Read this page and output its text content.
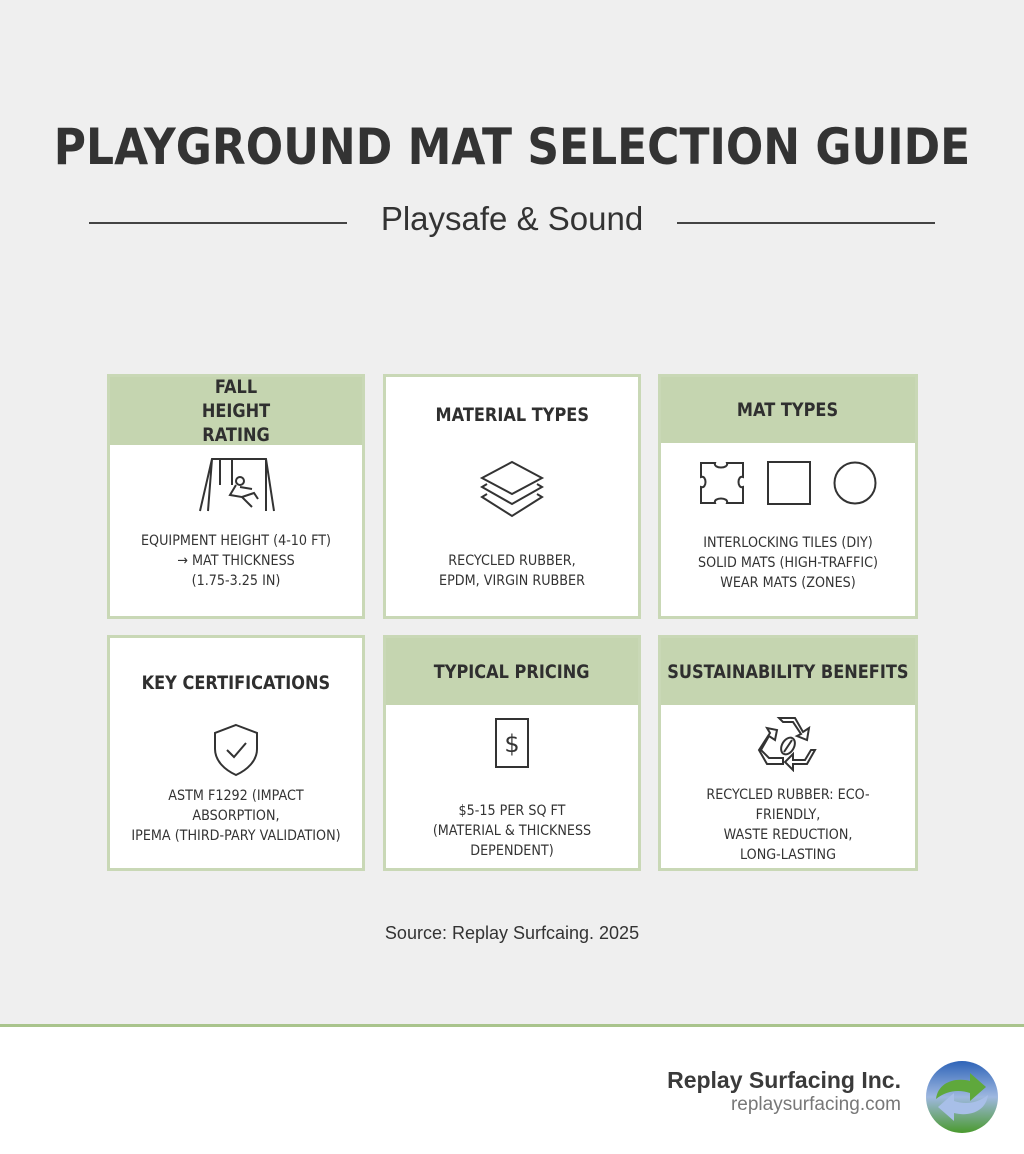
PLAYGROUND MAT SELECTION GUIDE
Playsafe & Sound
FALL HEIGHT RATING
EQUIPMENT HEIGHT (4-10 FT)
→ MAT THICKNESS
(1.75-3.25 IN)
MATERIAL TYPES
RECYCLED RUBBER,
EPDM, VIRGIN RUBBER
MAT TYPES
INTERLOCKING TILES (DIY)
SOLID MATS (HIGH-TRAFFIC)
WEAR MATS (ZONES)
KEY CERTIFICATIONS
ASTM F1292 (IMPACT
ABSORPTION,
IPEMA (THIRD-PARY VALIDATION)
TYPICAL PRICING
$
$5-15 PER SQ FT
(MATERIAL & THICKNESS
DEPENDENT)
SUSTAINABILITY BENEFITS
RECYCLED RUBBER: ECO-FRIENDLY,
WASTE REDUCTION,
LONG-LASTING
Source: Replay Surfcaing. 2025
Replay Surfacing Inc.
replaysurfacing.com
